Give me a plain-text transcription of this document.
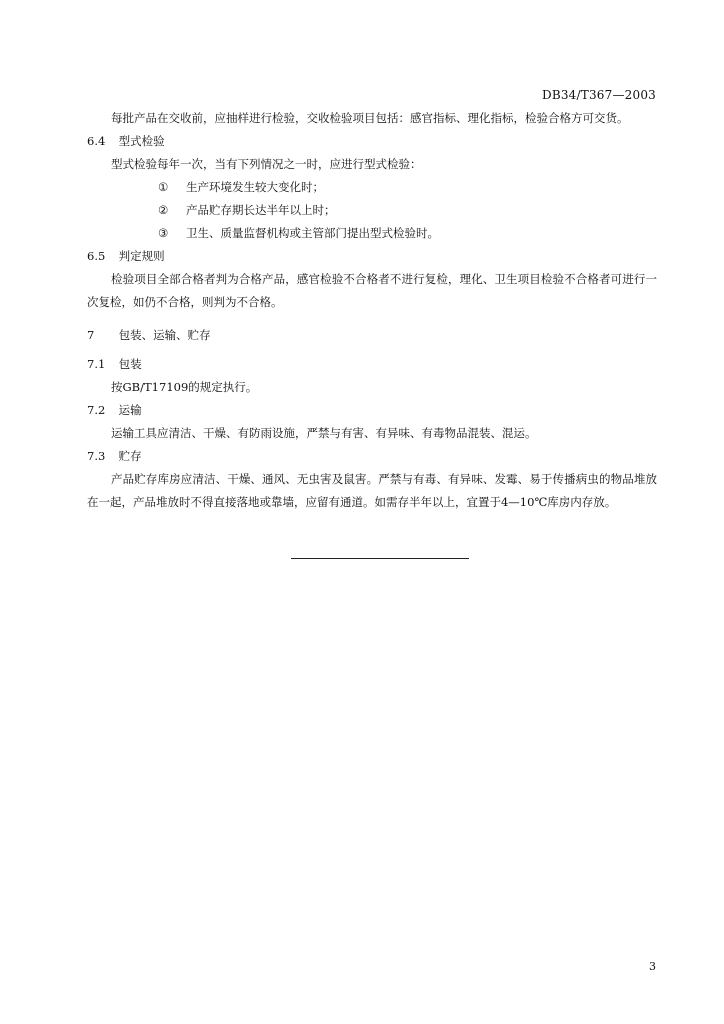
DB34/T367—2003

每批产品在交收前，应抽样进行检验，交收检验项目包括：感官指标、理化指标，检验合格方可交货。

6.4 型式检验

型式检验每年一次，当有下列情况之一时，应进行型式检验：

①	生产环境发生较大变化时；
②	产品贮存期长达半年以上时；
③	卫生、质量监督机构或主管部门提出型式检验时。

6.5 判定规则

检验项目全部合格者判为合格产品，感官检验不合格者不进行复检，理化、卫生项目检验不合格者可进行一次复检，如仍不合格，则判为不合格。

7 包装、运输、贮存

7.1 包装

按GB/T17109的规定执行。

7.2 运输

运输工具应清洁、干燥、有防雨设施，严禁与有害、有异味、有毒物品混装、混运。

7.3 贮存

产品贮存库房应清洁、干燥、通风、无虫害及鼠害。严禁与有毒、有异味、发霉、易于传播病虫的物品堆放在一起，产品堆放时不得直接落地或靠墙，应留有通道。如需存半年以上，宜置于4—10℃库房内存放。

3
